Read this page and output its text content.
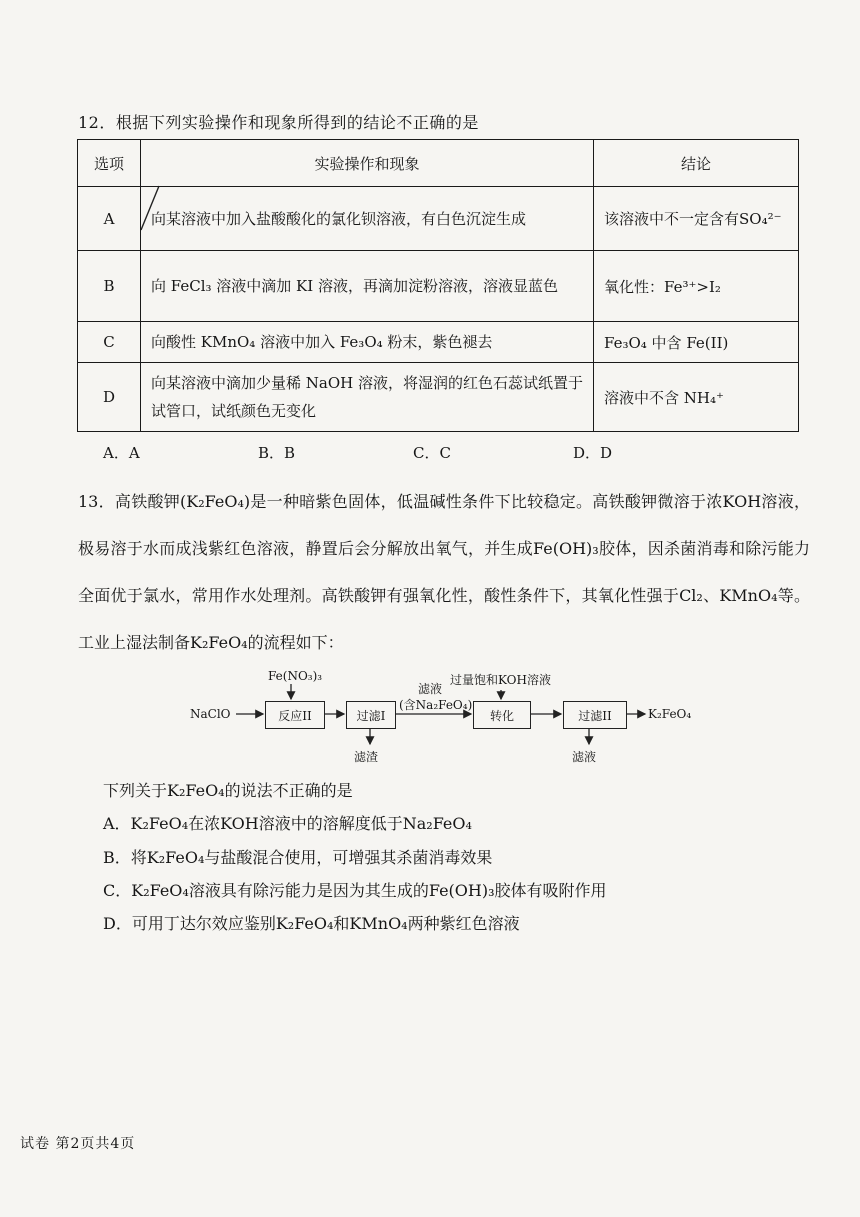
12．根据下列实验操作和现象所得到的结论不正确的是
选项	实验操作和现象	结论
A	向某溶液中加入盐酸酸化的氯化钡溶液，有白色沉淀生成	该溶液中不一定含有SO₄²⁻
B	向 FeCl₃ 溶液中滴加 KI 溶液，再滴加淀粉溶液，溶液显蓝色	氧化性：Fe³⁺>I₂
C	向酸性 KMnO₄ 溶液中加入 Fe₃O₄ 粉末，紫色褪去	Fe₃O₄ 中含 Fe(II)
D	向某溶液中滴加少量稀 NaOH 溶液，将湿润的红色石蕊试纸置于试管口，试纸颜色无变化	溶液中不含 NH₄⁺
A．A	B．B	C．C	D．D
13．高铁酸钾(K₂FeO₄)是一种暗紫色固体，低温碱性条件下比较稳定。高铁酸钾微溶于浓KOH溶液，极易溶于水而成浅紫红色溶液，静置后会分解放出氧气，并生成Fe(OH)₃胶体，因杀菌消毒和除污能力全面优于氯水，常用作水处理剂。高铁酸钾有强氧化性，酸性条件下，其氧化性强于Cl₂、KMnO₄等。工业上湿法制备K₂FeO₄的流程如下：
NaClO
Fe(NO₃)₃
反应II	过滤I
滤渣
滤液
(含Na₂FeO₄)
过量饱和KOH溶液
转化	过滤II
滤液
K₂FeO₄
下列关于K₂FeO₄的说法不正确的是
A．K₂FeO₄在浓KOH溶液中的溶解度低于Na₂FeO₄
B．将K₂FeO₄与盐酸混合使用，可增强其杀菌消毒效果
C．K₂FeO₄溶液具有除污能力是因为其生成的Fe(OH)₃胶体有吸附作用
D．可用丁达尔效应鉴别K₂FeO₄和KMnO₄两种紫红色溶液
试卷 第2页共4页
